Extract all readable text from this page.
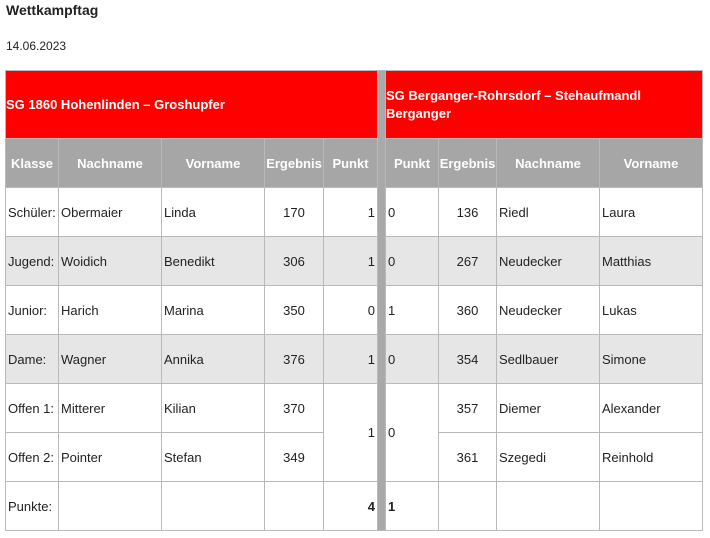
Wettkampftag
14.06.2023
SG 1860 Hohenlinden – Groshupfer						SG Berganger-Rohrsdorf – Stehaufmandl Berganger			
Klasse	Nachname	Vorname	Ergebnis	Punkt		Punkt	Ergebnis	Nachname	Vorname
Schüler:	Obermaier	Linda	170	1		0	136	Riedl	Laura
Jugend:	Woidich	Benedikt	306	1		0	267	Neudecker	Matthias
Junior:	Harich	Marina	350	0		1	360	Neudecker	Lukas
Dame:	Wagner	Annika	376	1		0	354	Sedlbauer	Simone
Offen 1:	Mitterer	Kilian	370	1		0	357	Diemer	Alexander
Offen 2:	Pointer	Stefan	349				361	Szegedi	Reinhold
Punkte:				4		1			
